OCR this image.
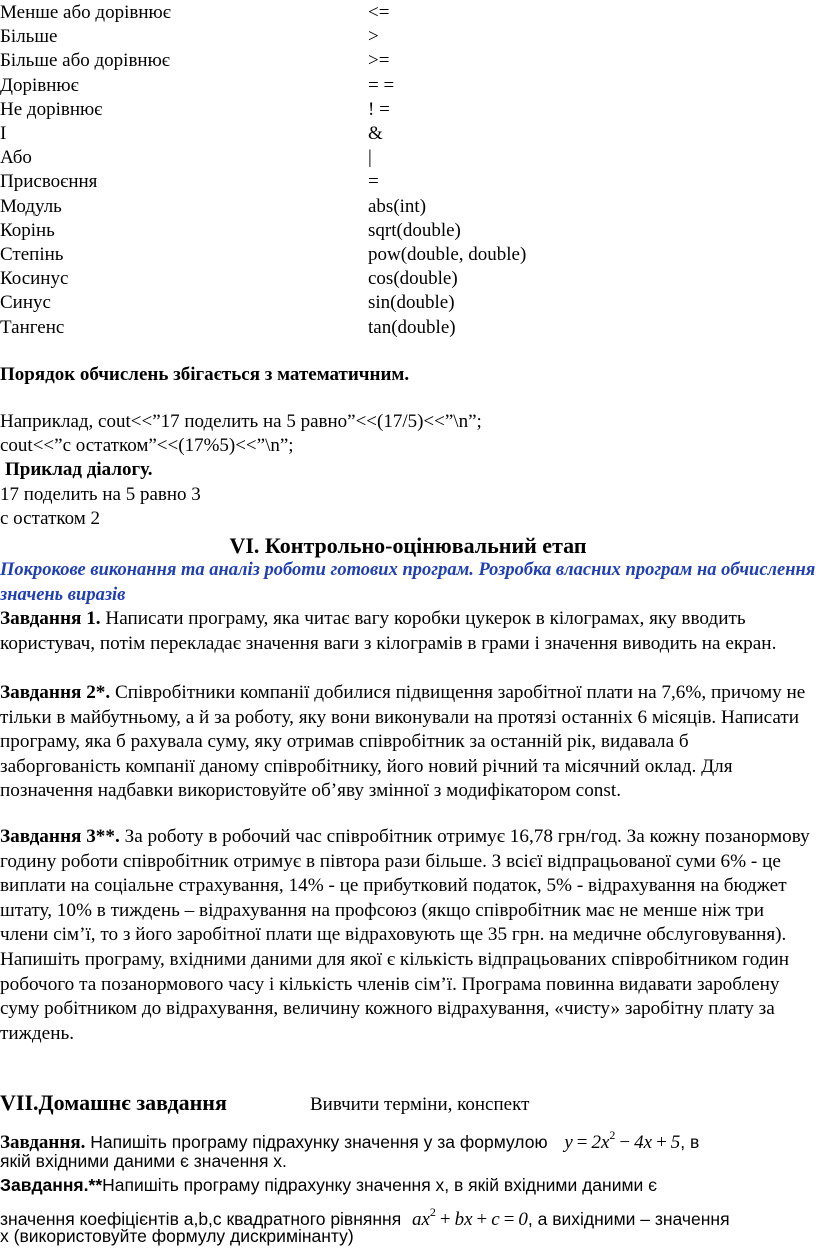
Менше або дорівнює	<=
Більше	>
Більше або дорівнює	>=
Дорівнює	= =
Не дорівнює	! =
І	&
Або	|
Присвоєння	=
Модуль	abs(int)
Корінь	sqrt(double)
Степінь	pow(double, double)
Косинус	cos(double)
Синус	sin(double)
Тангенс	tan(double)
Порядок обчислень збігається з математичним.
Наприклад, cout<<”17 поделить на 5 равно”<<(17/5)<<”\n”;
cout<<”с остатком”<<(17%5)<<”\n”;
Приклад діалогу.
17 поделить на 5 равно 3
с остатком 2
VІ. Контрольно-оцінювальний етап
Покрокове виконання та аналіз роботи готових програм. Розробка власних програм на обчислення значень виразів
Завдання 1. Написати програму, яка читає вагу коробки цукерок в кілограмах, яку вводить користувач, потім перекладає значення ваги з кілограмів в грами і значення виводить на екран.
Завдання 2*. Співробітники компанії добилися підвищення заробітної плати на 7,6%, причому не тільки в майбутньому, а й за роботу, яку вони виконували на протязі останніх 6 місяців. Написати програму, яка б рахувала суму, яку отримав співробітник за останній рік, видавала б заборгованість компанії даному співробітнику, його новий річний та місячний оклад. Для позначення надбавки використовуйте об’яву змінної з модифікатором const.
Завдання 3**. За роботу в робочий час співробітник отримує 16,78 грн/год. За кожну позанормову годину роботи співробітник отримує в півтора рази більше. З всієї відпрацьованої суми 6% - це виплати на соціальне страхування, 14% - це прибутковий податок, 5% - відрахування на бюджет штату, 10% в тиждень – відрахування на профсоюз (якщо співробітник має не менше ніж три члени сім’ї, то з його заробітної плати ще відраховують ще 35 грн. на медичне обслуговування). Напишіть програму, вхідними даними для якої є кількість відпрацьованих співробітником годин робочого та позанормового часу і кількість членів сім’ї. Програма повинна видавати зароблену суму робітником до відрахування, величину кожного відрахування, «чисту» заробітну плату за тиждень.
VІІ.Домашнє завдання	Вивчити терміни, конспект
Завдання. Напишіть програму підрахунку значення y за формулою $y = 2x^2 - 4x + 5$, в
якій вхідними даними є значення х.
Завдання.**Напишіть програму підрахунку значення х, в якій вхідними даними є
значення коефіцієнтів a,b,c квадратного рівняння $ax^2$ + bx + c = 0, а вихідними – значення
х (використовуйте формулу дискримінанту)
